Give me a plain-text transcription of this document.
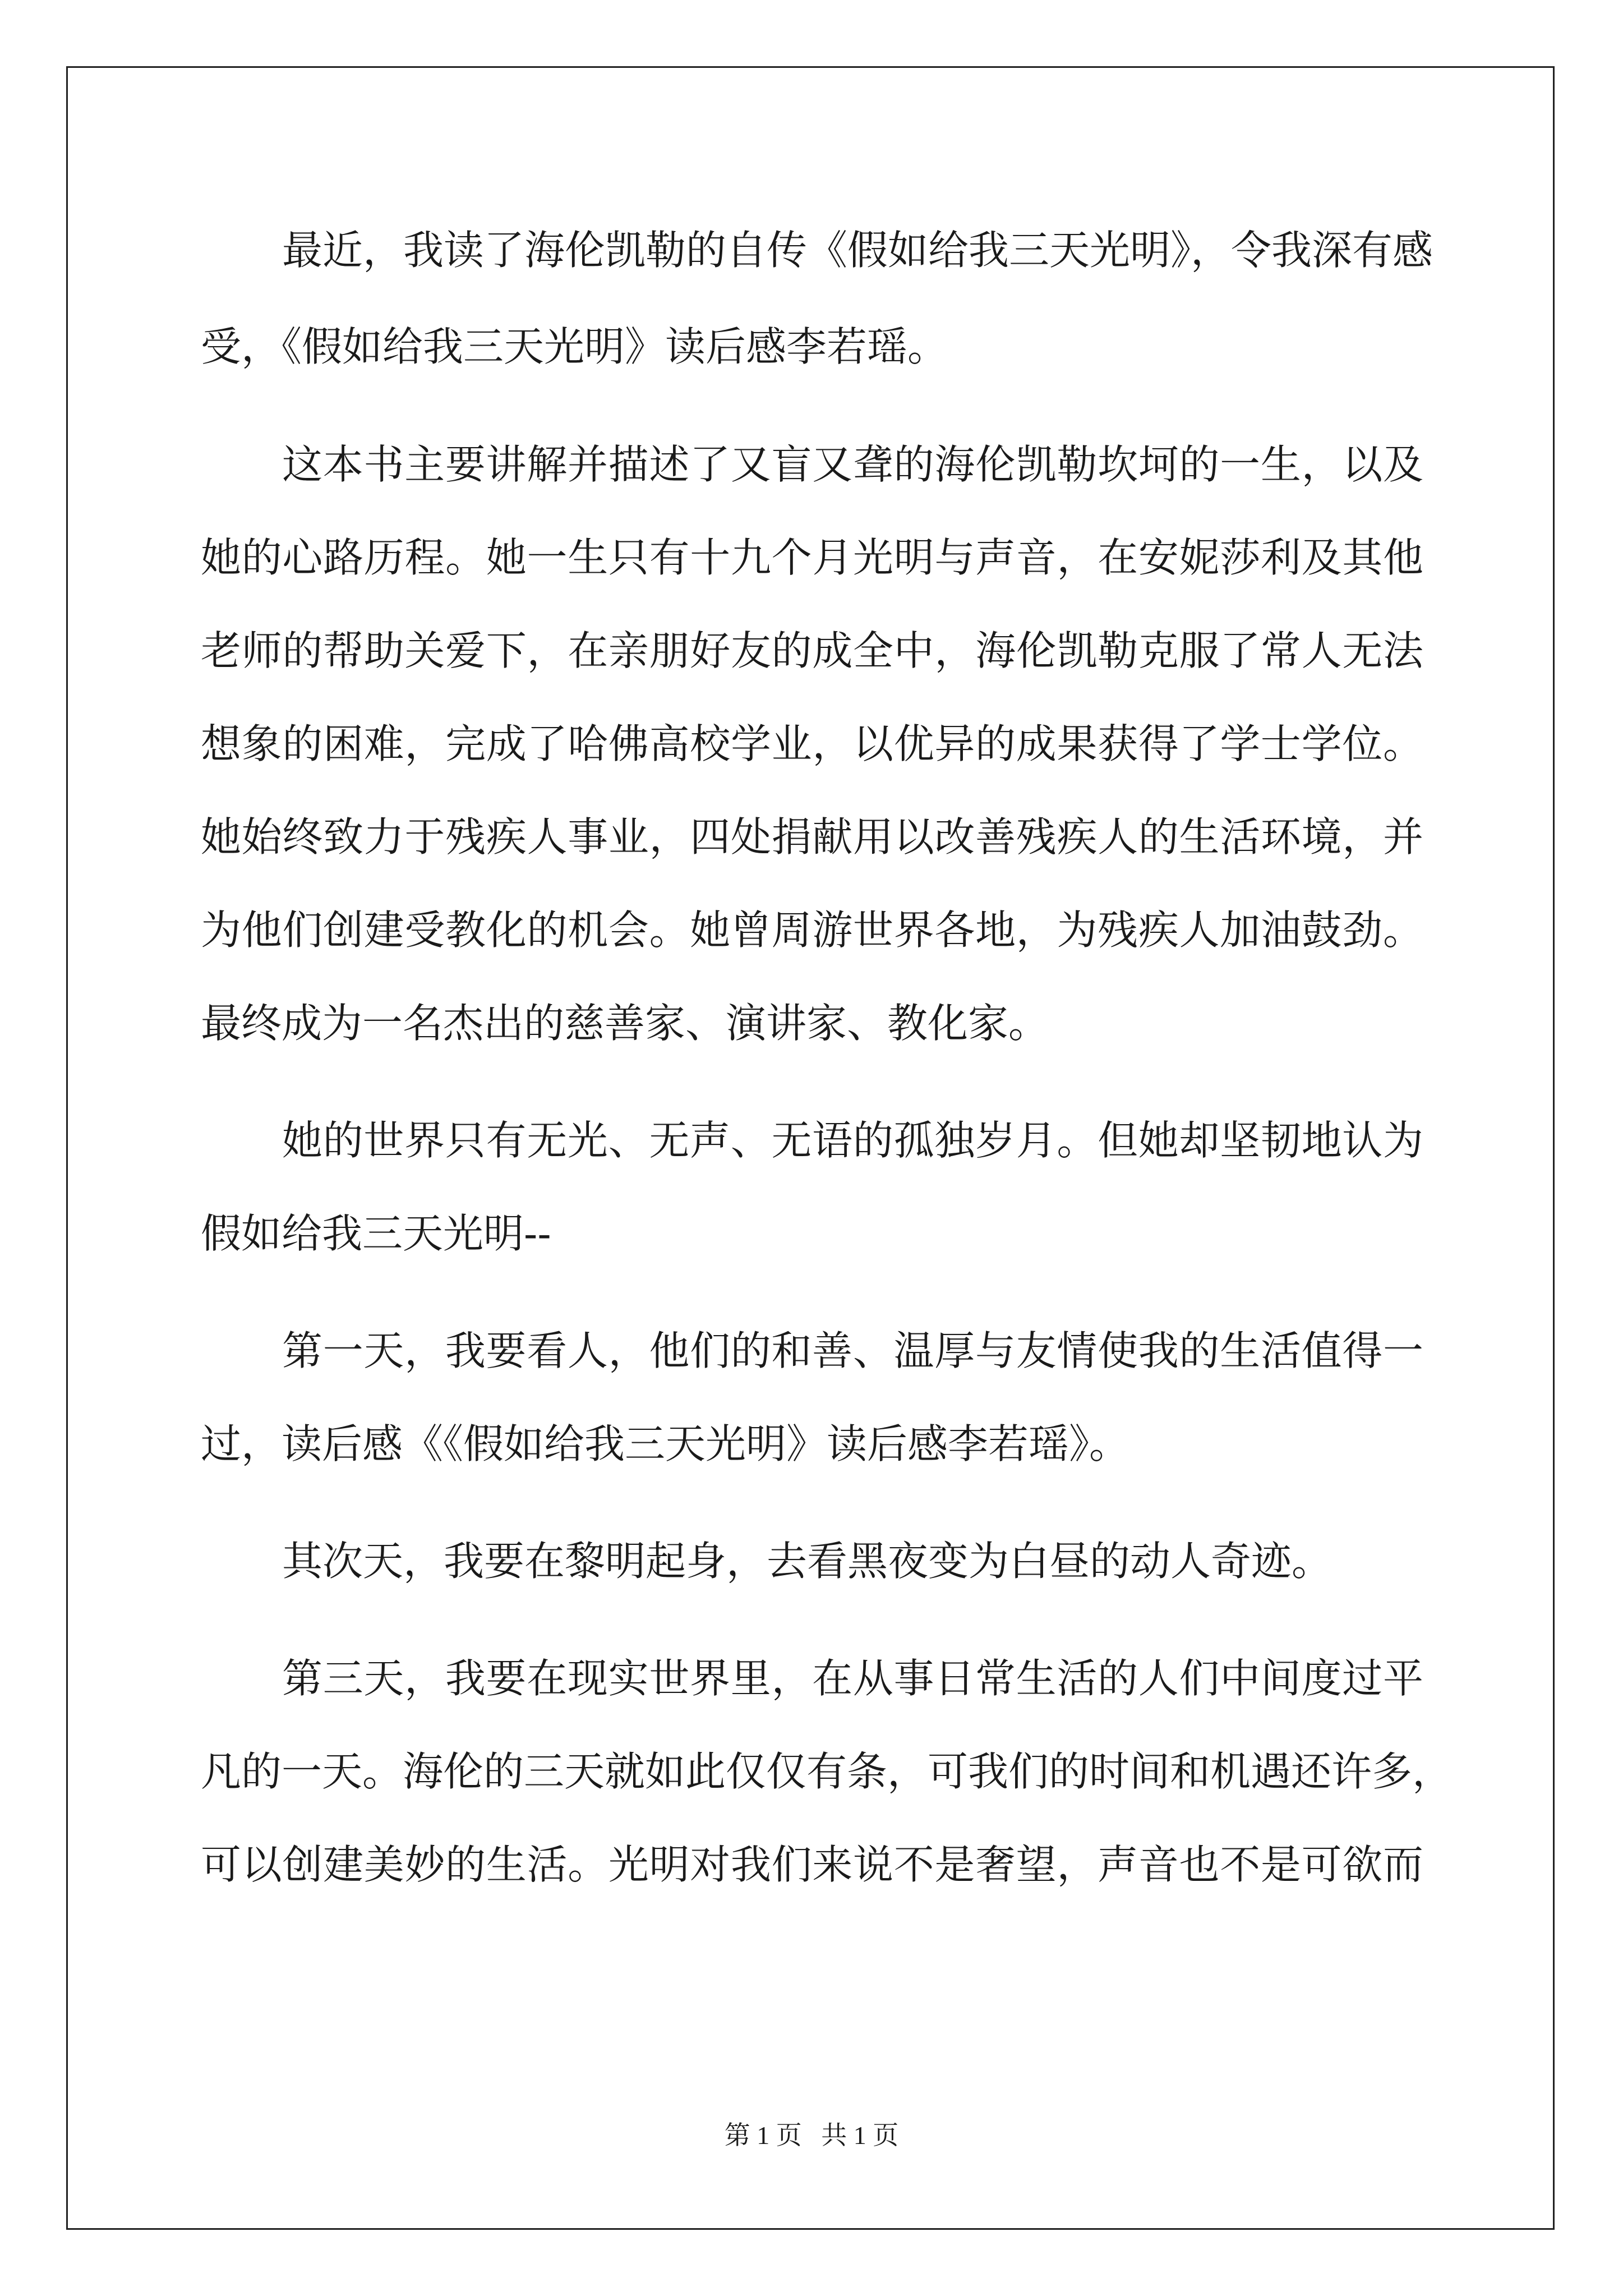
最近，我读了海伦凯勒的自传《假如给我三天光明》，令我深有感
受，《假如给我三天光明》读后感李若瑶。
这本书主要讲解并描述了又盲又聋的海伦凯勒坎坷的一生，以及
她的心路历程。她一生只有十九个月光明与声音，在安妮莎利及其他
老师的帮助关爱下，在亲朋好友的成全中，海伦凯勒克服了常人无法
想象的困难，完成了哈佛高校学业，以优异的成果获得了学士学位。
她始终致力于残疾人事业，四处捐献用以改善残疾人的生活环境，并
为他们创建受教化的机会。她曾周游世界各地，为残疾人加油鼓劲。
最终成为一名杰出的慈善家、演讲家、教化家。
她的世界只有无光、无声、无语的孤独岁月。但她却坚韧地认为
假如给我三天光明--
第一天，我要看人，他们的和善、温厚与友情使我的生活值得一
过，读后感《《假如给我三天光明》读后感李若瑶》。
其次天，我要在黎明起身，去看黑夜变为白昼的动人奇迹。
第三天，我要在现实世界里，在从事日常生活的人们中间度过平
凡的一天。海伦的三天就如此仅仅有条，可我们的时间和机遇还许多，
可以创建美妙的生活。光明对我们来说不是奢望，声音也不是可欲而
第 1 页   共 1 页
